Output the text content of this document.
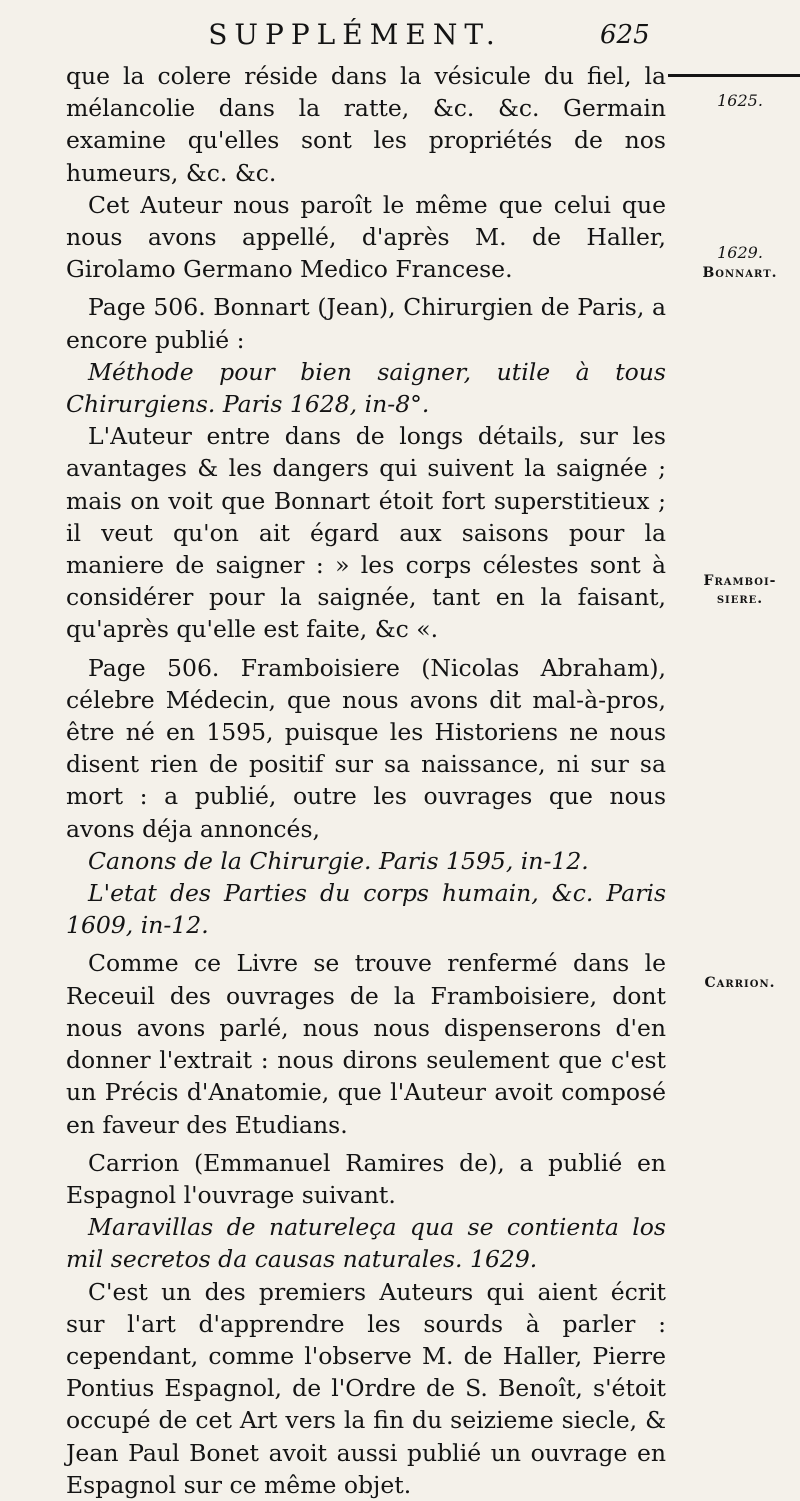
SUPPLÉMENT.	625
1625.
1629.
Bonnart.
Framboi-
siere.
Carrion.

que la colere réside dans la vésicule du fiel, la mélancolie dans la ratte, &c. &c. Germain examine qu'elles sont les propriétés de nos humeurs, &c. &c.

Cet Auteur nous paroît le même que celui que nous avons appellé, d'après M. de Haller, Girolamo Germano Medico Francese.

Page 506. Bonnart (Jean), Chirurgien de Paris, a encore publié :

Méthode pour bien saigner, utile à tous Chirurgiens. Paris 1628, in-8°.

L'Auteur entre dans de longs détails, sur les avantages & les dangers qui suivent la saignée ; mais on voit que Bonnart étoit fort superstitieux ; il veut qu'on ait égard aux saisons pour la maniere de saigner : » les corps célestes sont à considérer pour la saignée, tant en la faisant, qu'après qu'elle est faite, &c «.

Page 506. Framboisiere (Nicolas Abraham), célebre Médecin, que nous avons dit mal-à-pros, être né en 1595, puisque les Historiens ne nous disent rien de positif sur sa naissance, ni sur sa mort : a publié, outre les ouvrages que nous avons déja annoncés,

Canons de la Chirurgie. Paris 1595, in-12.

L'etat des Parties du corps humain, &c. Paris 1609, in-12.

Comme ce Livre se trouve renfermé dans le Receuil des ouvrages de la Framboisiere, dont nous avons parlé, nous nous dispenserons d'en donner l'extrait : nous dirons seulement que c'est un Précis d'Anatomie, que l'Auteur avoit composé en faveur des Etudians.

Carrion (Emmanuel Ramires de), a publié en Espagnol l'ouvrage suivant.

Maravillas de natureleça qua se contienta los mil secretos da causas naturales. 1629.

C'est un des premiers Auteurs qui aient écrit sur l'art d'apprendre les sourds à parler : cependant, comme l'observe M. de Haller, Pierre Pontius Espagnol, de l'Ordre de S. Benoît, s'étoit occupé de cet Art vers la fin du seizieme siecle, & Jean Paul Bonet avoit aussi publié un ouvrage en Espagnol sur ce même objet.
